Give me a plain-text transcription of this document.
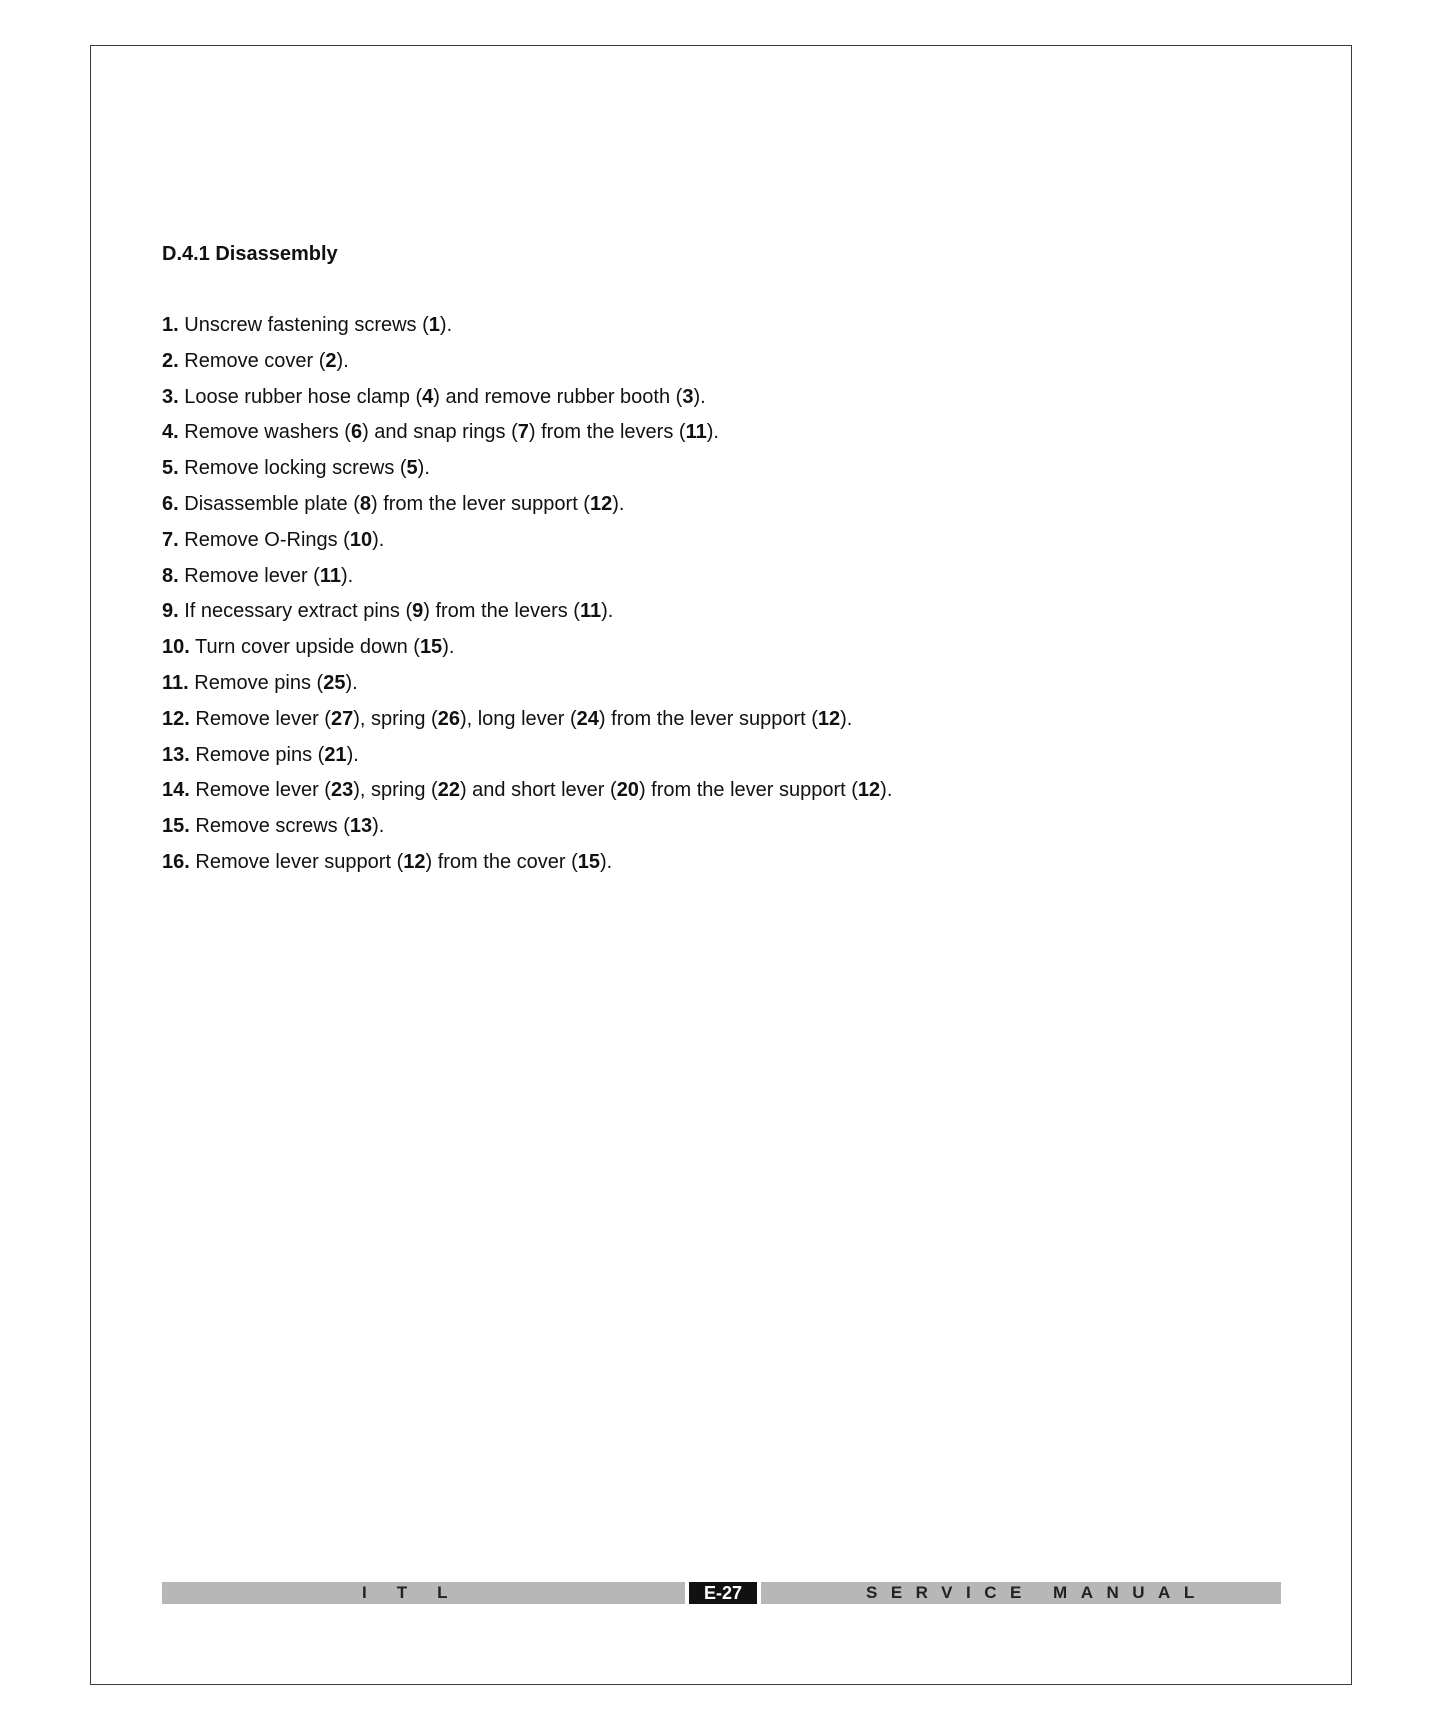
D.4.1 Disassembly
1. Unscrew fastening screws (1).
2. Remove cover (2).
3. Loose rubber hose clamp (4) and remove rubber booth (3).
4. Remove washers (6) and snap rings (7) from the levers (11).
5. Remove locking screws (5).
6. Disassemble plate (8) from the lever support (12).
7. Remove O-Rings (10).
8. Remove lever (11).
9. If necessary extract pins (9) from the levers (11).
10. Turn cover upside down (15).
11. Remove pins (25).
12. Remove lever (27), spring (26), long lever (24) from the lever support (12).
13. Remove pins (21).
14. Remove lever (23), spring (22) and short lever (20) from the lever support (12).
15. Remove screws (13).
16. Remove lever support (12) from the cover (15).
ITL	E-27	SERVICE MANUAL
